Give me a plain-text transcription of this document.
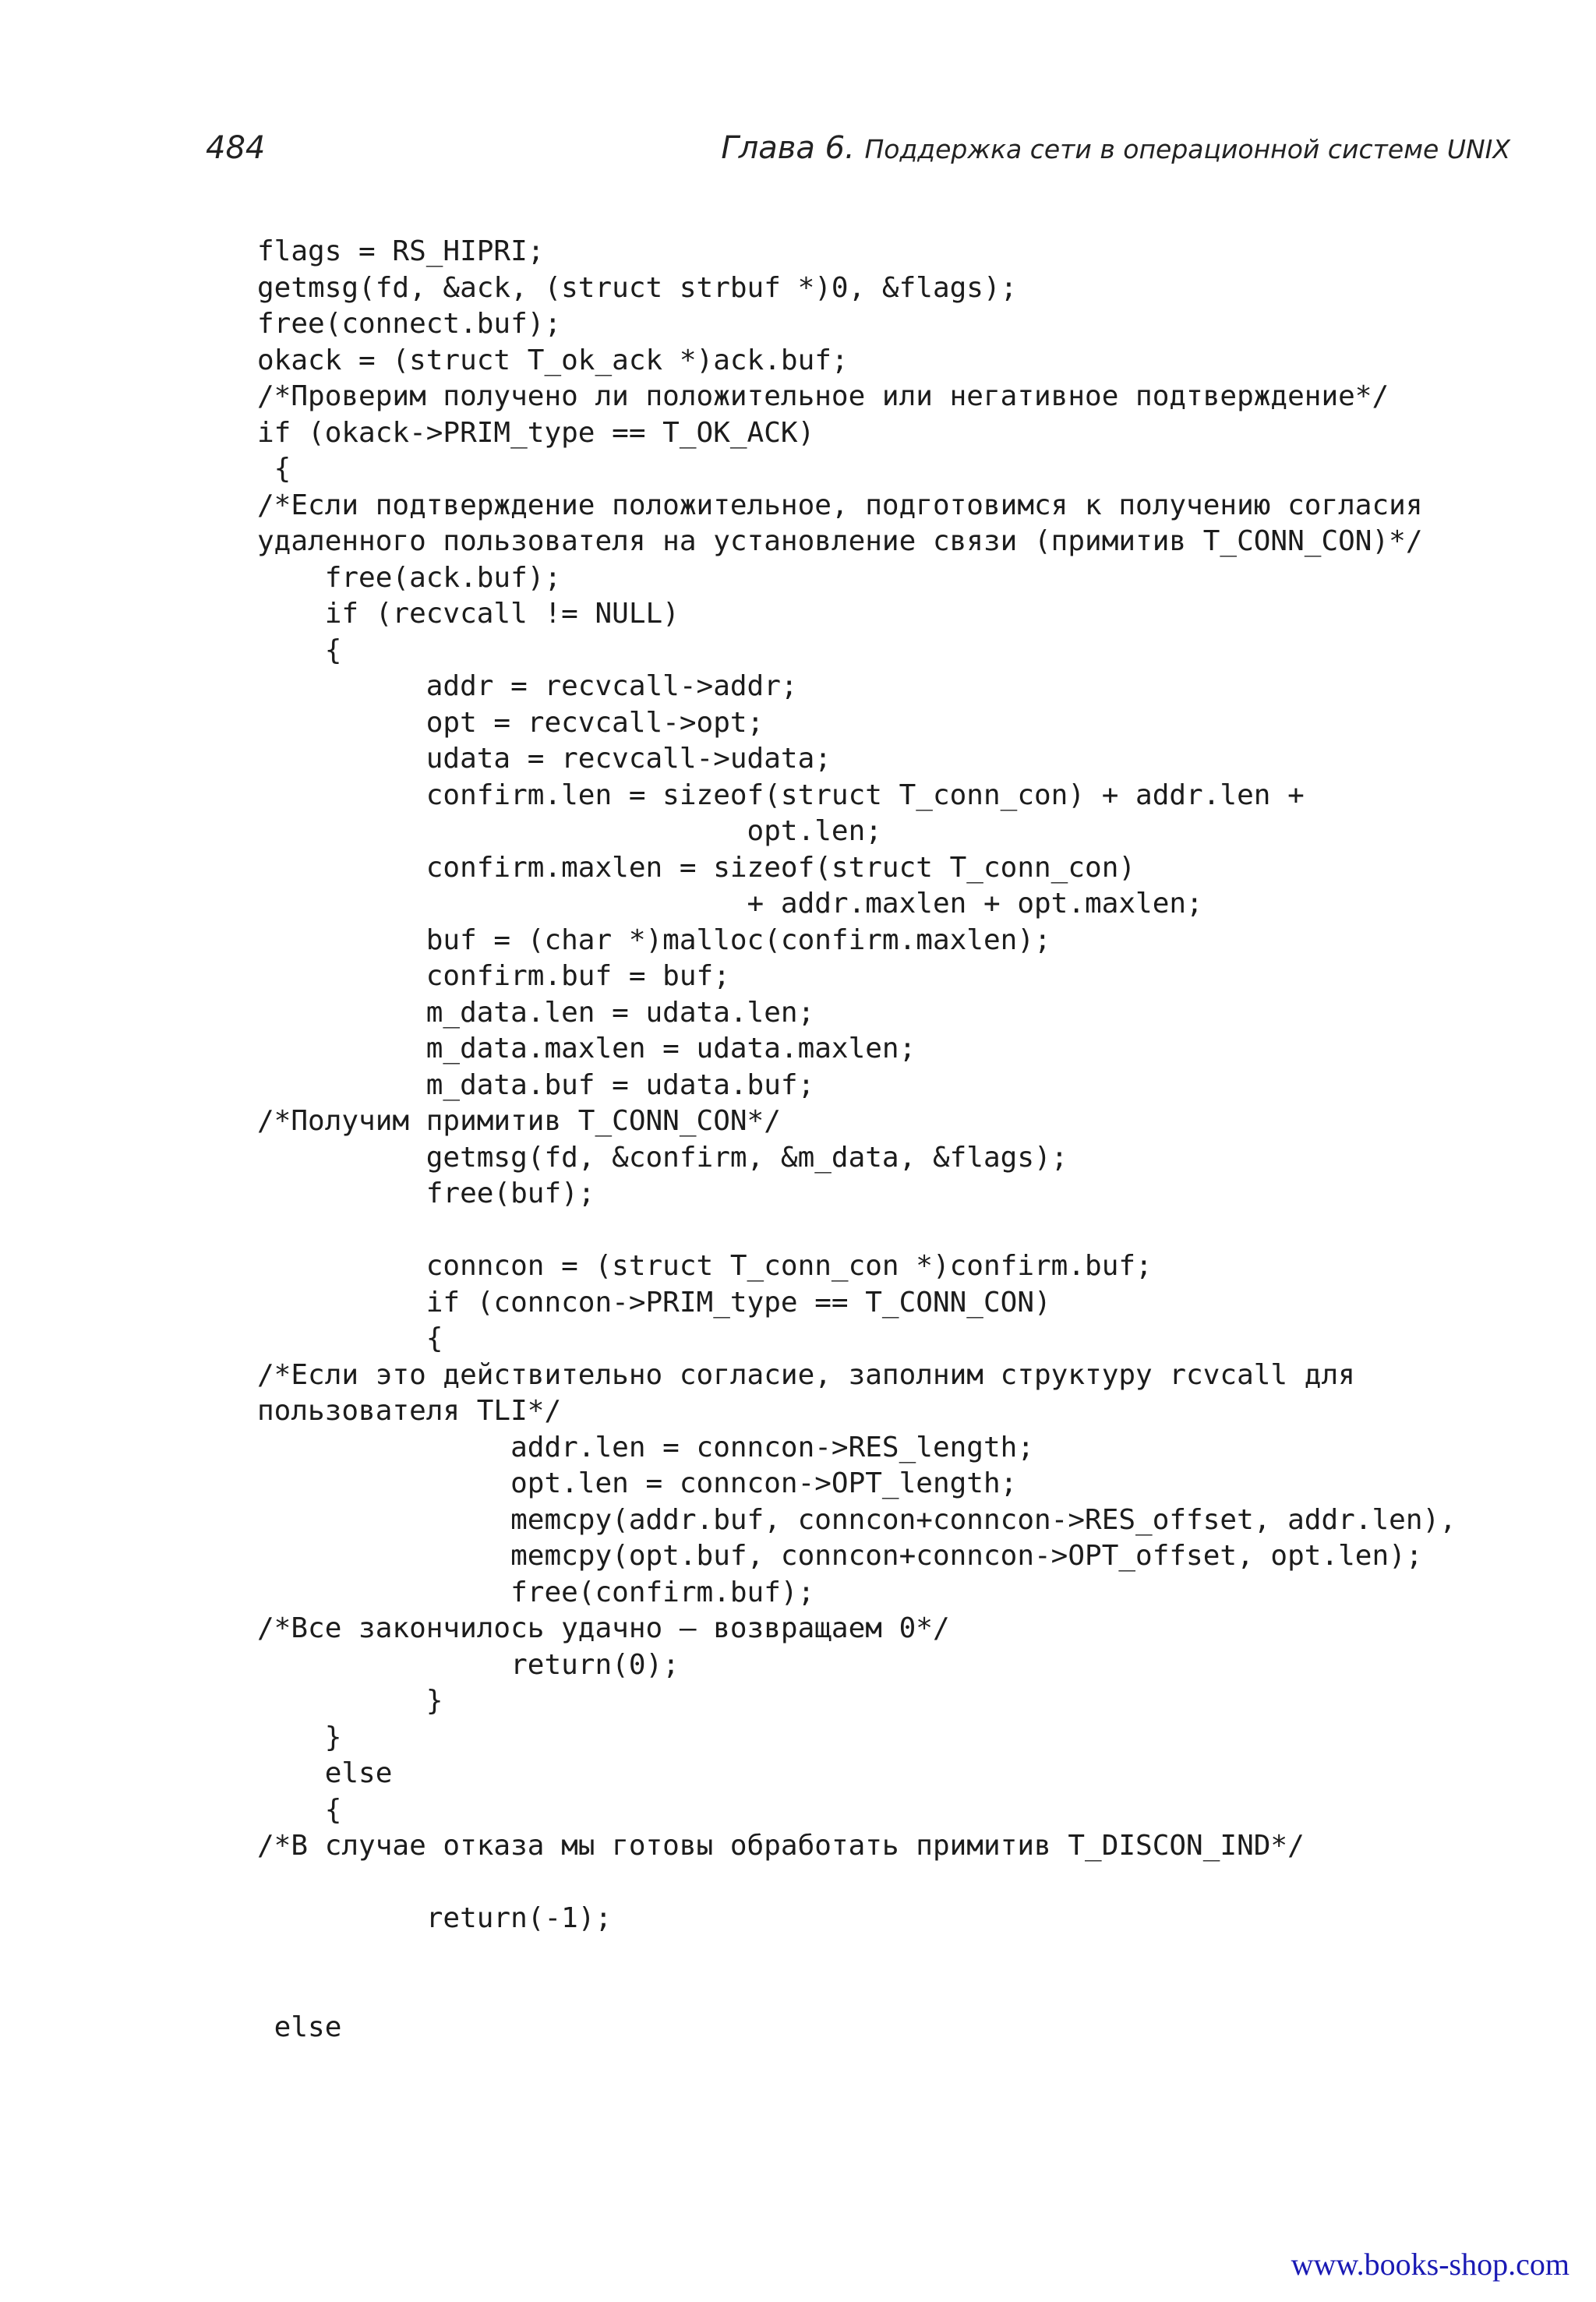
484	Глава 6. Поддержка сети в операционной системе UNIX
flags = RS_HIPRI;
getmsg(fd, &ack, (struct strbuf *)0, &flags);
free(connect.buf);
okack = (struct T_ok_ack *)ack.buf;
/*Проверим получено ли положительное или негативное подтверждение*/
if (okack->PRIM_type == T_OK_ACK)
{
/*Если подтверждение положительное, подготовимся к получению согласия
удаленного пользователя на установление связи (примитив T_CONN_CON)*/
free(ack.buf);
if (recvcall != NULL)
{
addr = recvcall->addr;
opt = recvcall->opt;
udata = recvcall->udata;
confirm.len = sizeof(struct T_conn_con) + addr.len +
opt.len;
confirm.maxlen = sizeof(struct T_conn_con)
+ addr.maxlen + opt.maxlen;
buf = (char *)malloc(confirm.maxlen);
confirm.buf = buf;
m_data.len = udata.len;
m_data.maxlen = udata.maxlen;
m_data.buf = udata.buf;
/*Получим примитив T_CONN_CON*/
getmsg(fd, &confirm, &m_data, &flags);
free(buf);
conncon = (struct T_conn_con *)confirm.buf;
if (conncon->PRIM_type == T_CONN_CON)
{
/*Если это действительно согласие, заполним структуру rcvcall для
пользователя TLI*/
addr.len = conncon->RES_length;
opt.len = conncon->OPT_length;
memcpy(addr.buf, conncon+conncon->RES_offset, addr.len),
memcpy(opt.buf, conncon+conncon->OPT_offset, opt.len);
free(confirm.buf);
/*Все закончилось удачно — возвращаем 0*/
return(0);
}
}
else
{
/*В случае отказа мы готовы обработать примитив T_DISCON_IND*/
return(-1);
else
www.books-shop.com
